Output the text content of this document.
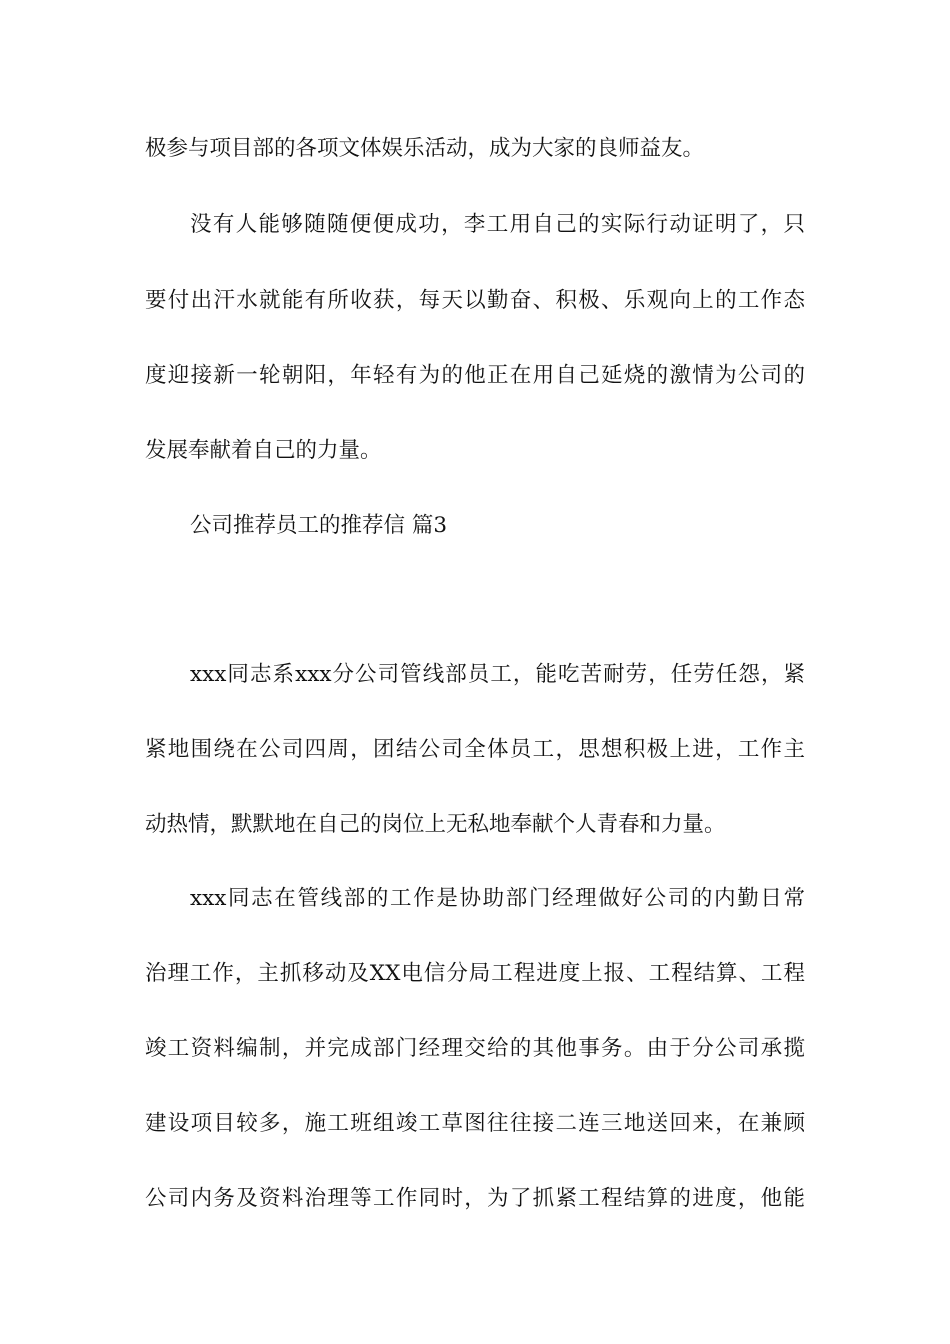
极参与项目部的各项文体娱乐活动，成为大家的良师益友。
没有人能够随随便便成功，李工用自己的实际行动证明了，只
要付出汗水就能有所收获，每天以勤奋、积极、乐观向上的工作态
度迎接新一轮朝阳，年轻有为的他正在用自己延烧的激情为公司的
发展奉献着自己的力量。
公司推荐员工的推荐信 篇3
xxx同志系xxx分公司管线部员工，能吃苦耐劳，任劳任怨，紧
紧地围绕在公司四周，团结公司全体员工，思想积极上进，工作主
动热情，默默地在自己的岗位上无私地奉献个人青春和力量。
xxx同志在管线部的工作是协助部门经理做好公司的内勤日常
治理工作，主抓移动及XX电信分局工程进度上报、工程结算、工程
竣工资料编制，并完成部门经理交给的其他事务。由于分公司承揽
建设项目较多，施工班组竣工草图往往接二连三地送回来，在兼顾
公司内务及资料治理等工作同时，为了抓紧工程结算的进度，他能
